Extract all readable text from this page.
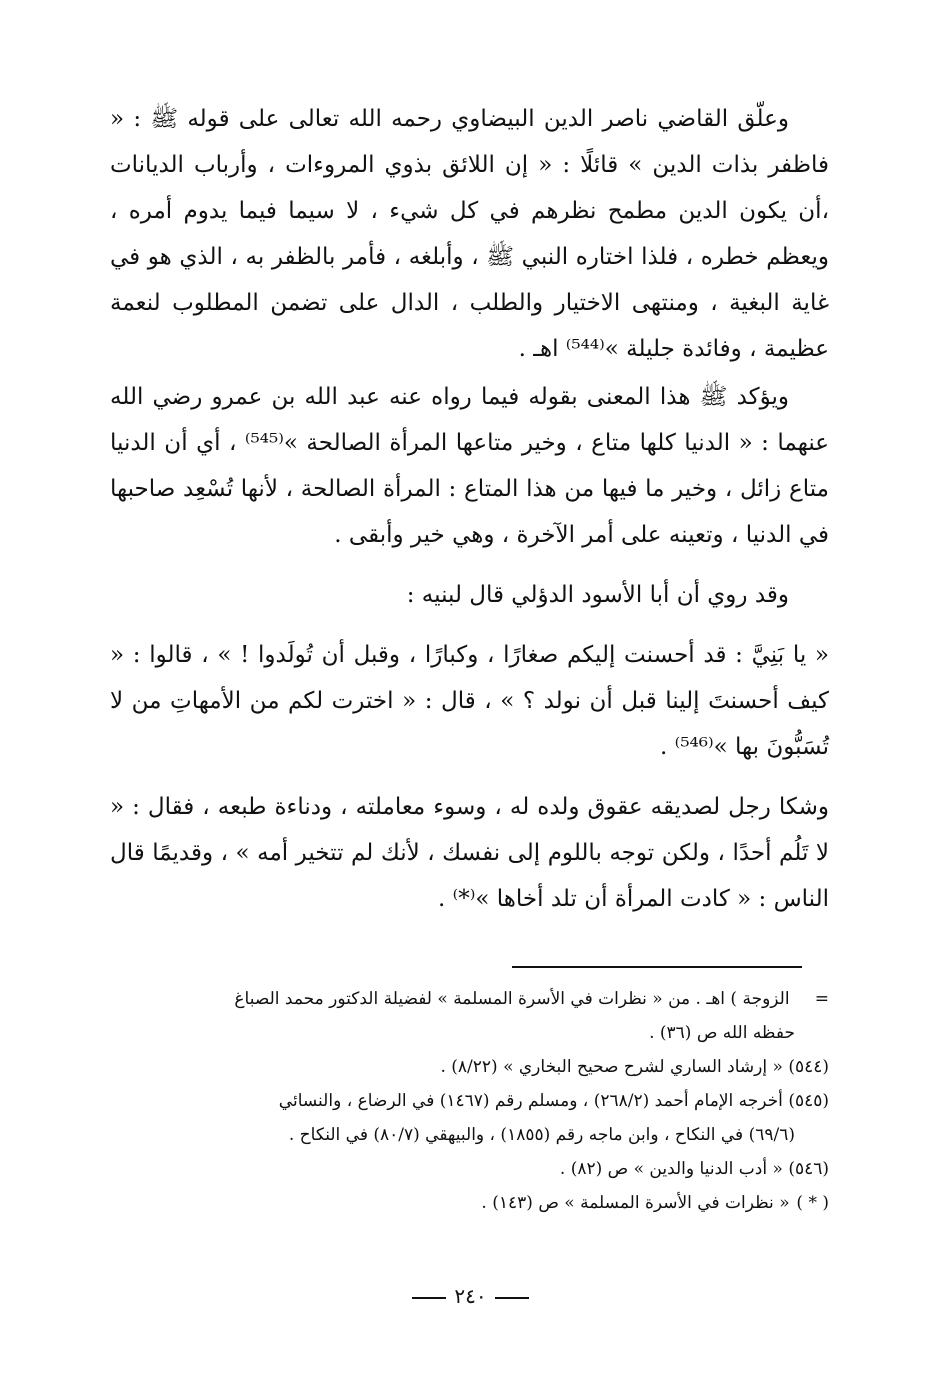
وعلّق القاضي ناصر الدين البيضاوي رحمه الله تعالى على قوله ﷺ : « فاظفر بذات الدين » قائلًا : « إن اللائق بذوي المروءات ، وأرباب الديانات ،أن يكون الدين مطمح نظرهم في كل شيء ، لا سيما فيما يدوم أمره ، ويعظم خطره ، فلذا اختاره النبي ﷺ ، وأبلغه ، فأمر بالظفر به ، الذي هو في غاية البغية ، ومنتهى الاختيار والطلب ، الدال على تضمن المطلوب لنعمة عظيمة ، وفائدة جليلة »⁽⁵⁴⁴⁾ اهـ .

ويؤكد ﷺ هذا المعنى بقوله فيما رواه عنه عبد الله بن عمرو رضي الله عنهما : « الدنيا كلها متاع ، وخير متاعها المرأة الصالحة »⁽⁵⁴⁵⁾ ، أي أن الدنيا متاع زائل ، وخير ما فيها من هذا المتاع : المرأة الصالحة ، لأنها تُسْعِد صاحبها في الدنيا ، وتعينه على أمر الآخرة ، وهي خير وأبقى .

وقد روي أن أبا الأسود الدؤلي قال لبنيه :

« يا بَنِيَّ : قد أحسنت إليكم صغارًا ، وكبارًا ، وقبل أن تُولَدوا ! » ، قالوا : « كيف أحسنتَ إلينا قبل أن نولد ؟ » ، قال : « اخترت لكم من الأمهاتِ من لا تُسَبُّونَ بها »⁽⁵⁴⁶⁾ .

وشكا رجل لصديقه عقوق ولده له ، وسوء معاملته ، ودناءة طبعه ، فقال : « لا تَلُم أحدًا ، ولكن توجه باللوم إلى نفسك ، لأنك لم تتخير أمه » ، وقديمًا قال الناس : « كادت المرأة أن تلد أخاها »⁽*⁾ .

= الزوجة ) اهـ . من « نظرات في الأسرة المسلمة » لفضيلة الدكتور محمد الصباغ

حفظه الله ص (٣٦) .

(٥٤٤) « إرشاد الساري لشرح صحيح البخاري » (٨/٢٢) .

(٥٤٥) أخرجه الإمام أحمد (٢٦٨/٢) ، ومسلم رقم (١٤٦٧) في الرضاع ، والنسائي

(٦٩/٦) في النكاح ، وابن ماجه رقم (١٨٥٥) ، والبيهقي (٨٠/٧) في النكاح .

(٥٤٦) « أدب الدنيا والدين » ص (٨٢) .

( * ) « نظرات في الأسرة المسلمة » ص (١٤٣) .

٢٤٠
